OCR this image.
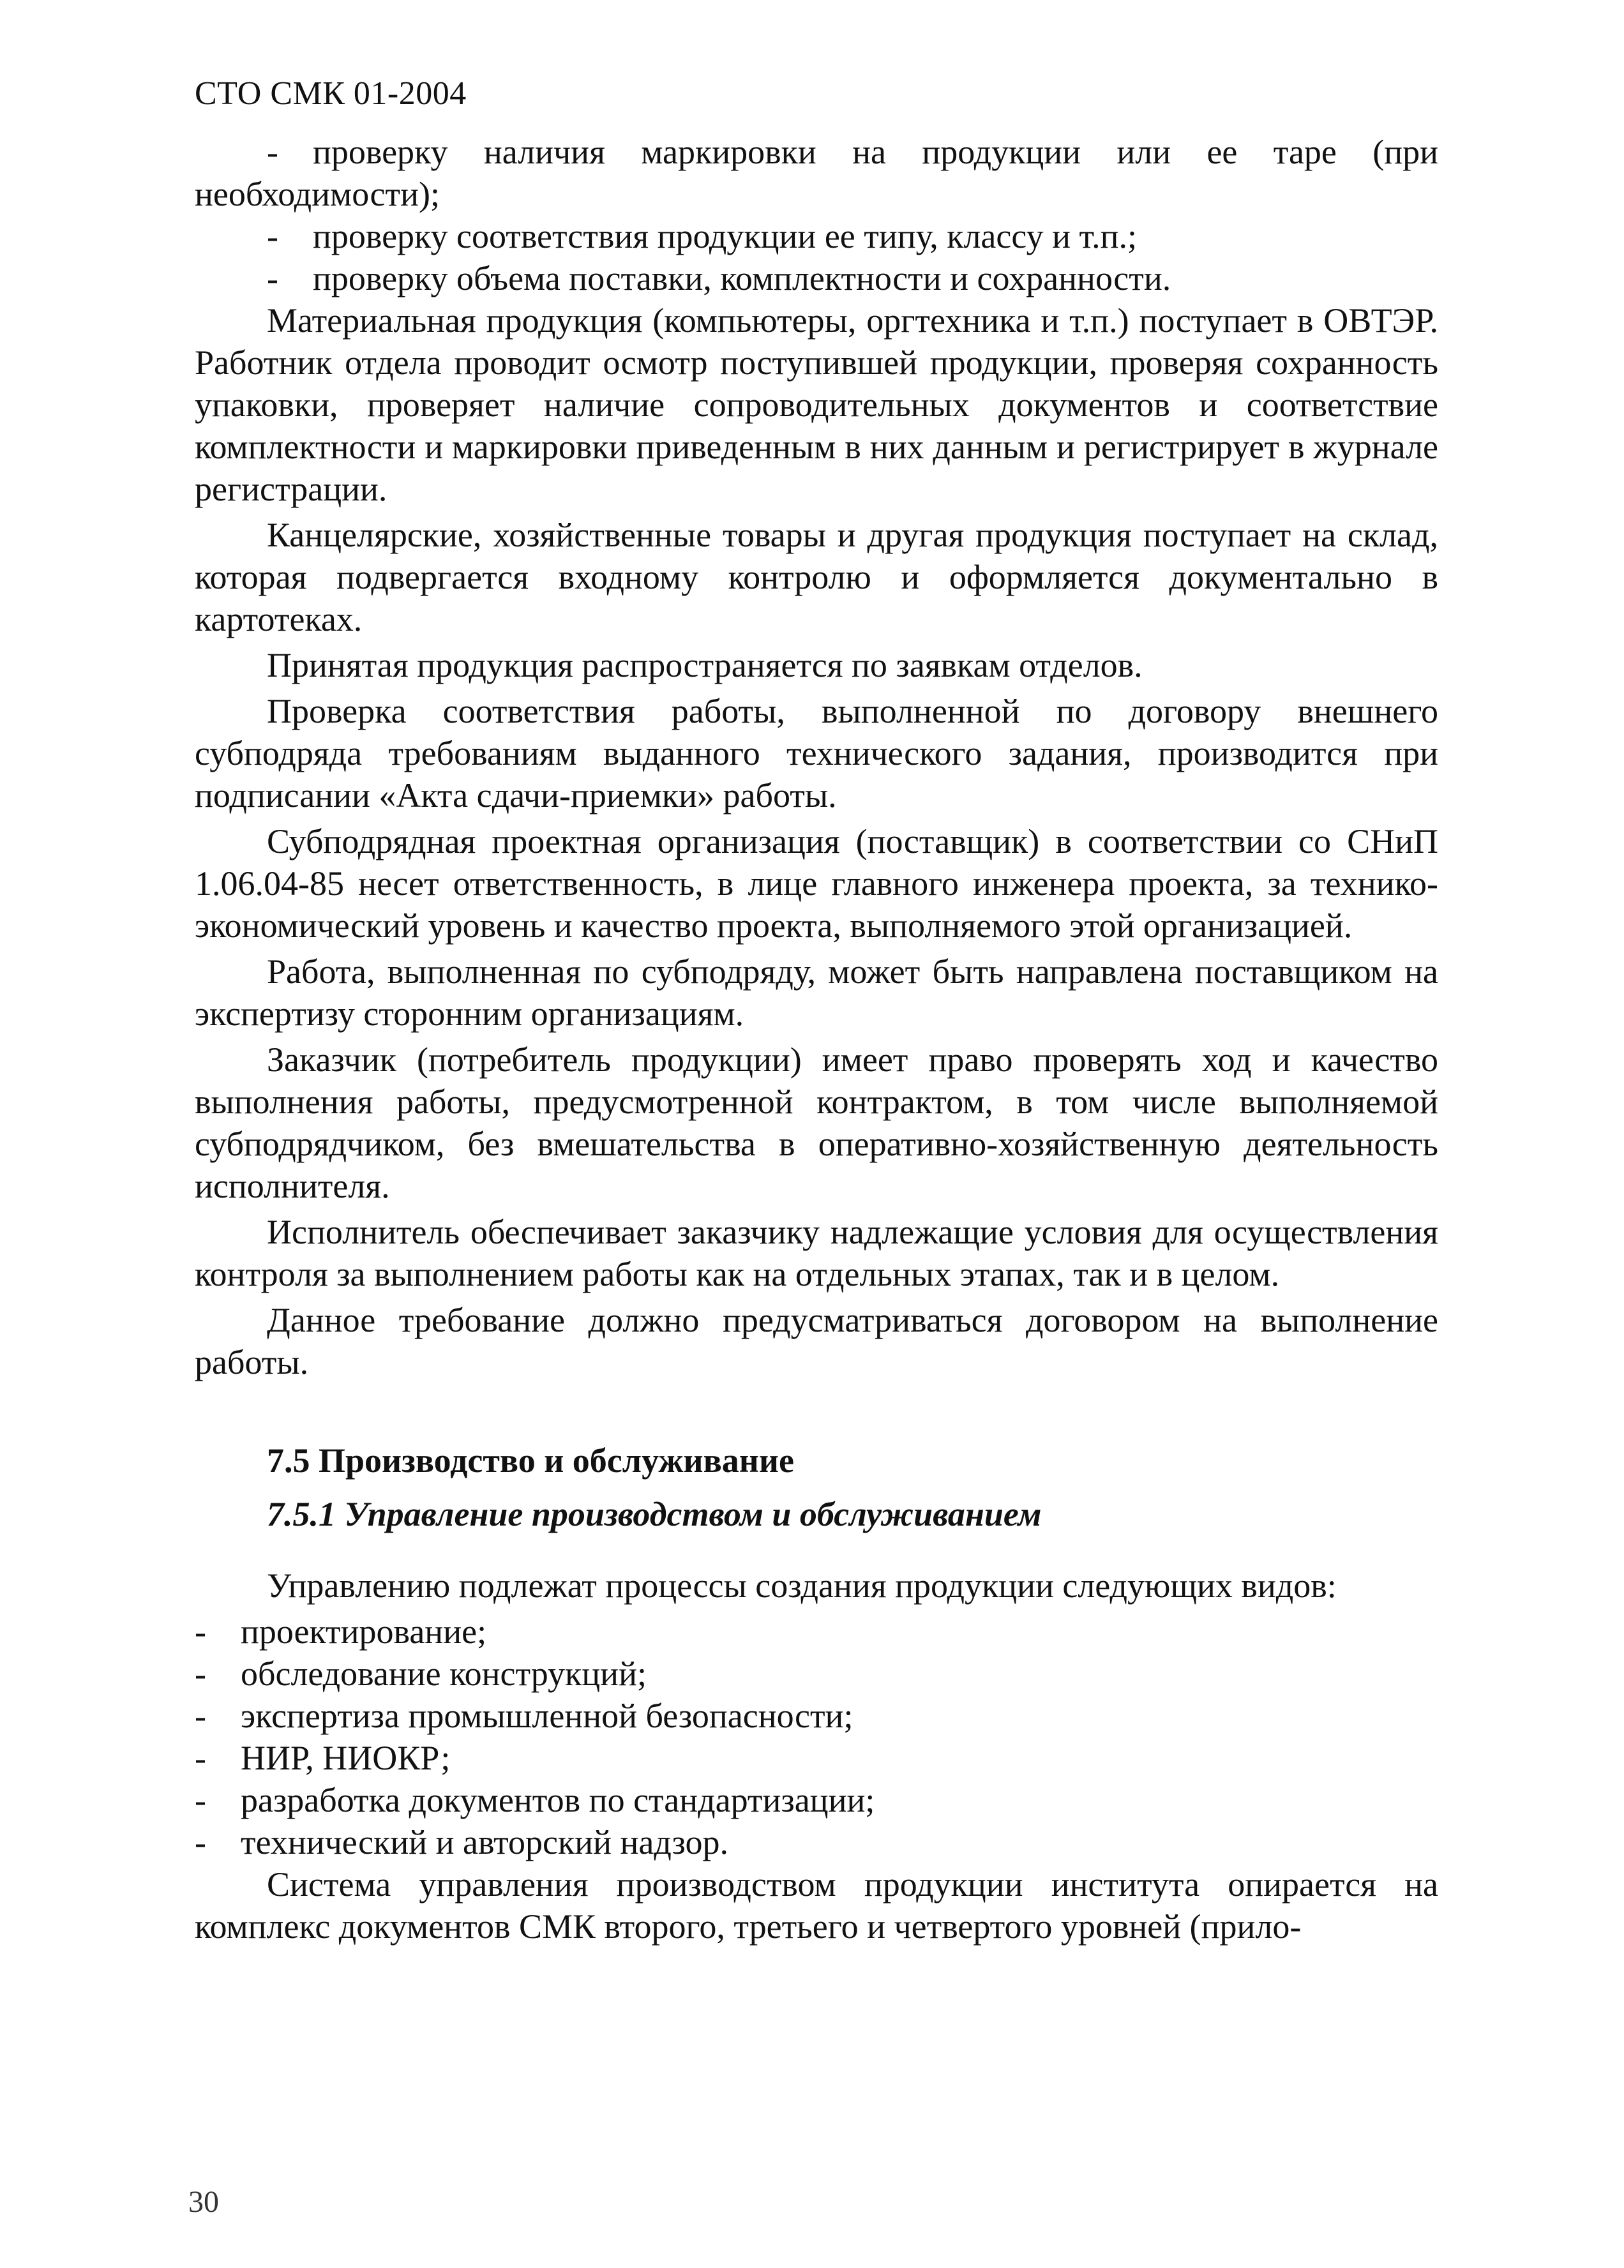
СТО СМК 01-2004

- проверку наличия маркировки на продукции или ее таре (при необходимости);

- проверку соответствия продукции ее типу, классу и т.п.;

- проверку объема поставки, комплектности и сохранности.

Материальная продукция (компьютеры, оргтехника и т.п.) поступает в ОВТЭР. Работник отдела проводит осмотр поступившей продукции, проверяя сохранность упаковки, проверяет наличие сопроводительных документов и соответствие комплектности и маркировки приведенным в них данным и регистрирует в журнале регистрации.

Канцелярские, хозяйственные товары и другая продукция поступает на склад, которая подвергается входному контролю и оформляется документально в картотеках.

Принятая продукция распространяется по заявкам отделов.

Проверка соответствия работы, выполненной по договору внешнего субподряда требованиям выданного технического задания, производится при подписании «Акта сдачи-приемки» работы.

Субподрядная проектная организация (поставщик) в соответствии со СНиП 1.06.04-85 несет ответственность, в лице главного инженера проекта, за технико-экономический уровень и качество проекта, выполняемого этой организацией.

Работа, выполненная по субподряду, может быть направлена поставщиком на экспертизу сторонним организациям.

Заказчик (потребитель продукции) имеет право проверять ход и качество выполнения работы, предусмотренной контрактом, в том числе выполняемой субподрядчиком, без вмешательства в оперативно-хозяйственную деятельность исполнителя.

Исполнитель обеспечивает заказчику надлежащие условия для осуществления контроля за выполнением работы как на отдельных этапах, так и в целом.

Данное требование должно предусматриваться договором на выполнение работы.

7.5 Производство и обслуживание

7.5.1 Управление производством и обслуживанием

Управлению подлежат процессы создания продукции следующих видов:

- проектирование;

- обследование конструкций;

- экспертиза промышленной безопасности;

- НИР, НИОКР;

- разработка документов по стандартизации;

- технический и авторский надзор.

Система управления производством продукции института опирается на комплекс документов СМК второго, третьего и четвертого уровней (прило-

30
